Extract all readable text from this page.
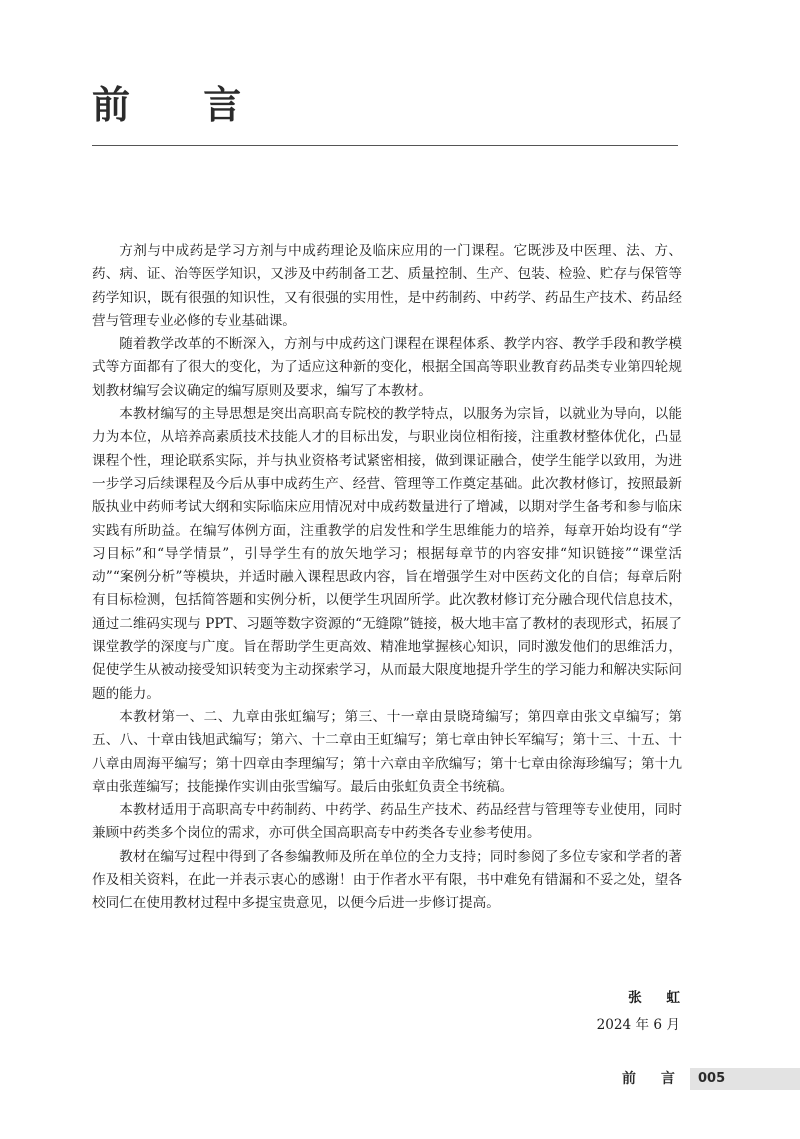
前 言

方剂与中成药是学习方剂与中成药理论及临床应用的一门课程。它既涉及中医理、法、方、药、病、证、治等医学知识，又涉及中药制备工艺、质量控制、生产、包装、检验、贮存与保管等药学知识，既有很强的知识性，又有很强的实用性，是中药制药、中药学、药品生产技术、药品经营与管理专业必修的专业基础课。

随着教学改革的不断深入，方剂与中成药这门课程在课程体系、教学内容、教学手段和教学模式等方面都有了很大的变化，为了适应这种新的变化，根据全国高等职业教育药品类专业第四轮规划教材编写会议确定的编写原则及要求，编写了本教材。

本教材编写的主导思想是突出高职高专院校的教学特点，以服务为宗旨，以就业为导向，以能力为本位，从培养高素质技术技能人才的目标出发，与职业岗位相衔接，注重教材整体优化，凸显课程个性，理论联系实际，并与执业资格考试紧密相接，做到课证融合，使学生能学以致用，为进一步学习后续课程及今后从事中成药生产、经营、管理等工作奠定基础。此次教材修订，按照最新版执业中药师考试大纲和实际临床应用情况对中成药数量进行了增减，以期对学生备考和参与临床实践有所助益。在编写体例方面，注重教学的启发性和学生思维能力的培养，每章开始均设有“学习目标”和“导学情景”，引导学生有的放矢地学习；根据每章节的内容安排“知识链接”“课堂活动”“案例分析”等模块，并适时融入课程思政内容，旨在增强学生对中医药文化的自信；每章后附有目标检测，包括简答题和实例分析，以便学生巩固所学。此次教材修订充分融合现代信息技术，通过二维码实现与 PPT、习题等数字资源的“无缝隙”链接，极大地丰富了教材的表现形式，拓展了课堂教学的深度与广度。旨在帮助学生更高效、精准地掌握核心知识，同时激发他们的思维活力，促使学生从被动接受知识转变为主动探索学习，从而最大限度地提升学生的学习能力和解决实际问题的能力。

本教材第一、二、九章由张虹编写；第三、十一章由景晓琦编写；第四章由张文卓编写；第五、八、十章由钱旭武编写；第六、十二章由王虹编写；第七章由钟长军编写；第十三、十五、十八章由周海平编写；第十四章由李理编写；第十六章由辛欣编写；第十七章由徐海珍编写；第十九章由张莲编写；技能操作实训由张雪编写。最后由张虹负责全书统稿。

本教材适用于高职高专中药制药、中药学、药品生产技术、药品经营与管理等专业使用，同时兼顾中药类多个岗位的需求，亦可供全国高职高专中药类各专业参考使用。

教材在编写过程中得到了各参编教师及所在单位的全力支持；同时参阅了多位专家和学者的著作及相关资料，在此一并表示衷心的感谢！由于作者水平有限，书中难免有错漏和不妥之处，望各校同仁在使用教材过程中多提宝贵意见，以便今后进一步修订提高。

张 虹
2024 年 6 月
前 言 005
